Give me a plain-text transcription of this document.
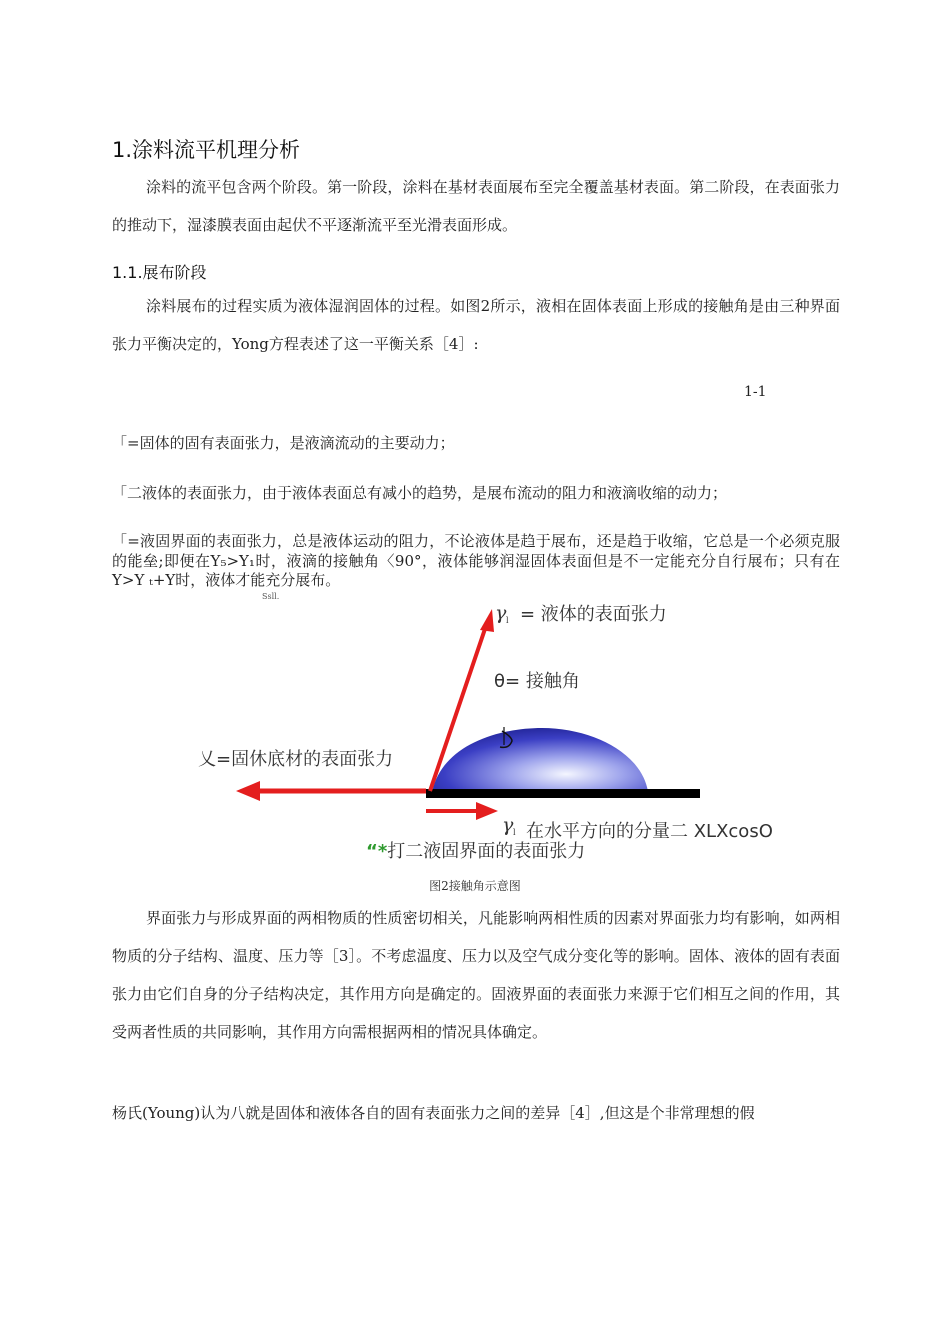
1.涂料流平机理分析
涂料的流平包含两个阶段。第一阶段，涂料在基材表面展布至完全覆盖基材表面。第二阶段，在表面张力的推动下，湿漆膜表面由起伏不平逐渐流平至光滑表面形成。
1.1.展布阶段
涂料展布的过程实质为液体湿润固体的过程。如图2所示，液相在固体表面上形成的接触角是由三种界面张力平衡决定的，Yong方程表述了这一平衡关系［4］:
1-1
「=固体的固有表面张力，是液滴流动的主要动力；
「二液体的表面张力，由于液体表面总有减小的趋势，是展布流动的阻力和液滴收缩的动力；
「=液固界面的表面张力，总是液体运动的阻力，不论液体是趋于展布，还是趋于收缩，它总是一个必须克服的能垒;即便在Y₅>Y₁时，液滴的接触角〈90°，液体能够润湿固体表面但是不一定能充分自行展布；只有在Y>Y ₜ+Y时，液体才能充分展布。
Ssll.
γ l
γ l
= 液体的表面张力
θ= 接触角
乂=固休底材的表面张力
在水平方向的分量二 XLXcosO
“*打二液固界面的表面张力
图2接触角示意图
界面张力与形成界面的两相物质的性质密切相关，凡能影响两相性质的因素对界面张力均有影响，如两相物质的分子结构、温度、压力等［3］。不考虑温度、压力以及空气成分变化等的影响。固体、液体的固有表面张力由它们自身的分子结构决定，其作用方向是确定的。固液界面的表面张力来源于它们相互之间的作用，其受两者性质的共同影响，其作用方向需根据两相的情况具体确定。
杨氏(Young)认为八就是固体和液体各自的固有表面张力之间的差异［4］,但这是个非常理想的假
